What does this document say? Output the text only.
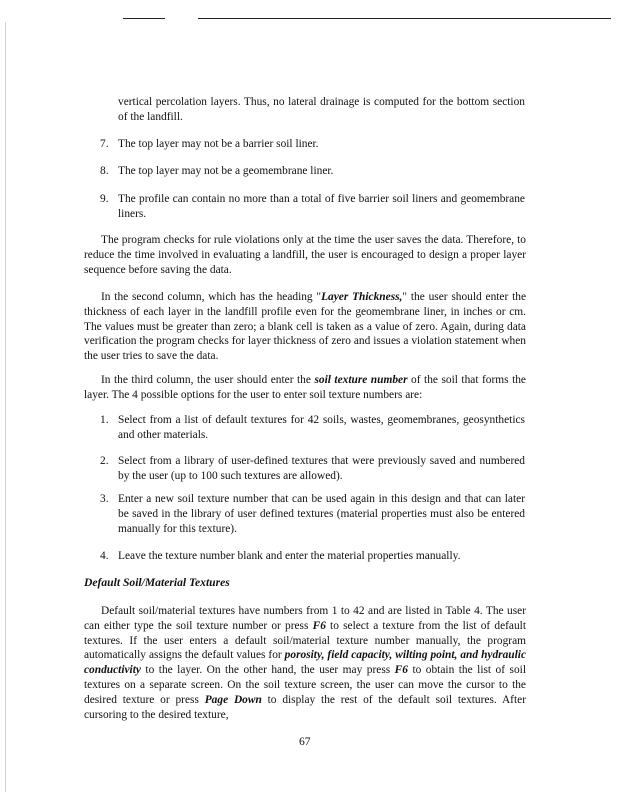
vertical percolation layers. Thus, no lateral drainage is computed for the bottom section of the landfill.
7. The top layer may not be a barrier soil liner.
8. The top layer may not be a geomembrane liner.
9. The profile can contain no more than a total of five barrier soil liners and geomembrane liners.
The program checks for rule violations only at the time the user saves the data. Therefore, to reduce the time involved in evaluating a landfill, the user is encouraged to design a proper layer sequence before saving the data.
In the second column, which has the heading "Layer Thickness," the user should enter the thickness of each layer in the landfill profile even for the geomembrane liner, in inches or cm. The values must be greater than zero; a blank cell is taken as a value of zero. Again, during data verification the program checks for layer thickness of zero and issues a violation statement when the user tries to save the data.
In the third column, the user should enter the soil texture number of the soil that forms the layer. The 4 possible options for the user to enter soil texture numbers are:
1. Select from a list of default textures for 42 soils, wastes, geomembranes, geosynthetics and other materials.
2. Select from a library of user-defined textures that were previously saved and numbered by the user (up to 100 such textures are allowed).
3. Enter a new soil texture number that can be used again in this design and that can later be saved in the library of user defined textures (material properties must also be entered manually for this texture).
4. Leave the texture number blank and enter the material properties manually.
Default Soil/Material Textures
Default soil/material textures have numbers from 1 to 42 and are listed in Table 4. The user can either type the soil texture number or press F6 to select a texture from the list of default textures. If the user enters a default soil/material texture number manually, the program automatically assigns the default values for porosity, field capacity, wilting point, and hydraulic conductivity to the layer. On the other hand, the user may press F6 to obtain the list of soil textures on a separate screen. On the soil texture screen, the user can move the cursor to the desired texture or press Page Down to display the rest of the default soil textures. After cursoring to the desired texture,
67
